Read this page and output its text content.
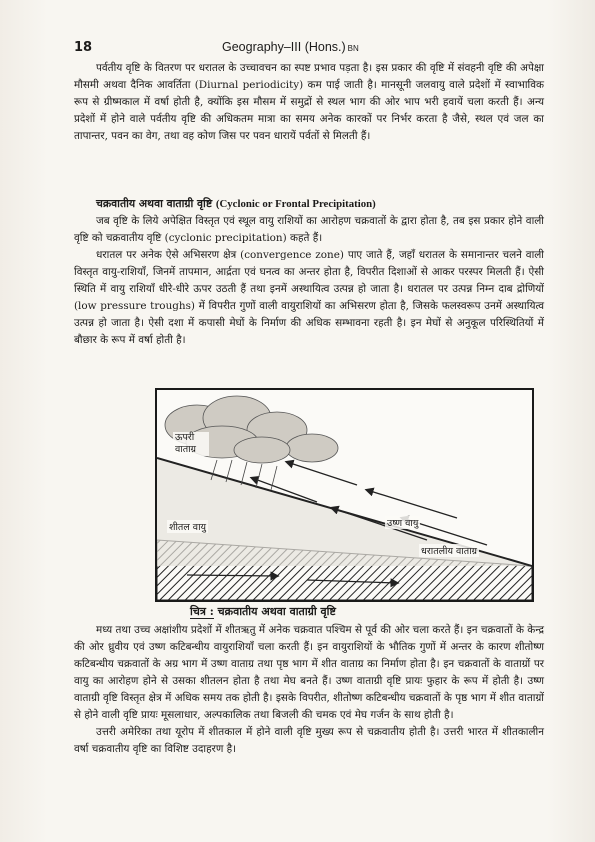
18	Geography–III (Hons.) BN

पर्वतीय वृष्टि के वितरण पर धरातल के उच्चावचन का स्पष्ट प्रभाव पड़ता है। इस प्रकार की वृष्टि में संवहनी वृष्टि की अपेक्षा मौसमी अथवा दैनिक आवर्तिता (Diurnal periodicity) कम पाई जाती है। मानसूनी जलवायु वाले प्रदेशों में स्वाभाविक रूप से ग्रीष्मकाल में वर्षा होती है, क्योंकि इस मौसम में समुद्रों से स्थल भाग की ओर भाप भरी हवायें चला करती हैं। अन्य प्रदेशों में होने वाले पर्वतीय वृष्टि की अधिकतम मात्रा का समय अनेक कारकों पर निर्भर करता है जैसे, स्थल एवं जल का तापान्तर, पवन का वेग, तथा वह कोण जिस पर पवन धारायें पर्वतों से मिलती हैं।

चक्रवातीय अथवा वाताग्री वृष्टि (Cyclonic or Frontal Precipitation)

जब वृष्टि के लिये अपेक्षित विस्तृत एवं स्थूल वायु राशियों का आरोहण चक्रवातों के द्वारा होता है, तब इस प्रकार होने वाली वृष्टि को चक्रवातीय वृष्टि (cyclonic precipitation) कहते हैं।

धरातल पर अनेक ऐसे अभिसरण क्षेत्र (convergence zone) पाए जाते हैं, जहाँ धरातल के समानान्तर चलने वाली विस्तृत वायु-राशियाँ, जिनमें तापमान, आर्द्रता एवं घनत्व का अन्तर होता है, विपरीत दिशाओं से आकर परस्पर मिलती हैं। ऐसी स्थिति में वायु राशियाँ धीरे-धीरे ऊपर उठती हैं तथा इनमें अस्थायित्व उत्पन्न हो जाता है। धरातल पर उत्पन्न निम्न दाब द्रोणियों (low pressure troughs) में विपरीत गुणों वाली वायुराशियों का अभिसरण होता है, जिसके फलस्वरूप उनमें अस्थायित्व उत्पन्न हो जाता है। ऐसी दशा में कपासी मेघों के निर्माण की अधिक सम्भावना रहती है। इन मेघों से अनुकूल परिस्थितियों में बौछार के रूप में वर्षा होती है।

ऊपरी वाताग्र
शीतल वायु	उष्ण वायु
धरातलीय वाताग्र
चित्र : चक्रवातीय अथवा वाताग्री वृष्टि

मध्य तथा उच्च अक्षांशीय प्रदेशों में शीतऋतु में अनेक चक्रवात पश्चिम से पूर्व की ओर चला करते हैं। इन चक्रवातों के केन्द्र की ओर ध्रुवीय एवं उष्ण कटिबन्धीय वायुराशियाँ चला करती हैं। इन वायुराशियों के भौतिक गुणों में अन्तर के कारण शीतोष्ण कटिबन्धीय चक्रवातों के अग्र भाग में उष्ण वाताग्र तथा पृष्ठ भाग में शीत वाताग्र का निर्माण होता है। इन चक्रवातों के वाताग्रों पर वायु का आरोहण होने से उसका शीतलन होता है तथा मेघ बनते हैं। उष्ण वाताग्री वृष्टि प्रायः फुहार के रूप में होती है। उष्ण वाताग्री वृष्टि विस्तृत क्षेत्र में अधिक समय तक होती है। इसके विपरीत, शीतोष्ण कटिबन्धीय चक्रवातों के पृष्ठ भाग में शीत वाताग्रों से होने वाली वृष्टि प्रायः मूसलाधार, अल्पकालिक तथा बिजली की चमक एवं मेघ गर्जन के साथ होती है।

उत्तरी अमेरिका तथा यूरोप में शीतकाल में होने वाली वृष्टि मुख्य रूप से चक्रवातीय होती है। उत्तरी भारत में शीतकालीन वर्षा चक्रवातीय वृष्टि का विशिष्ट उदाहरण है।
